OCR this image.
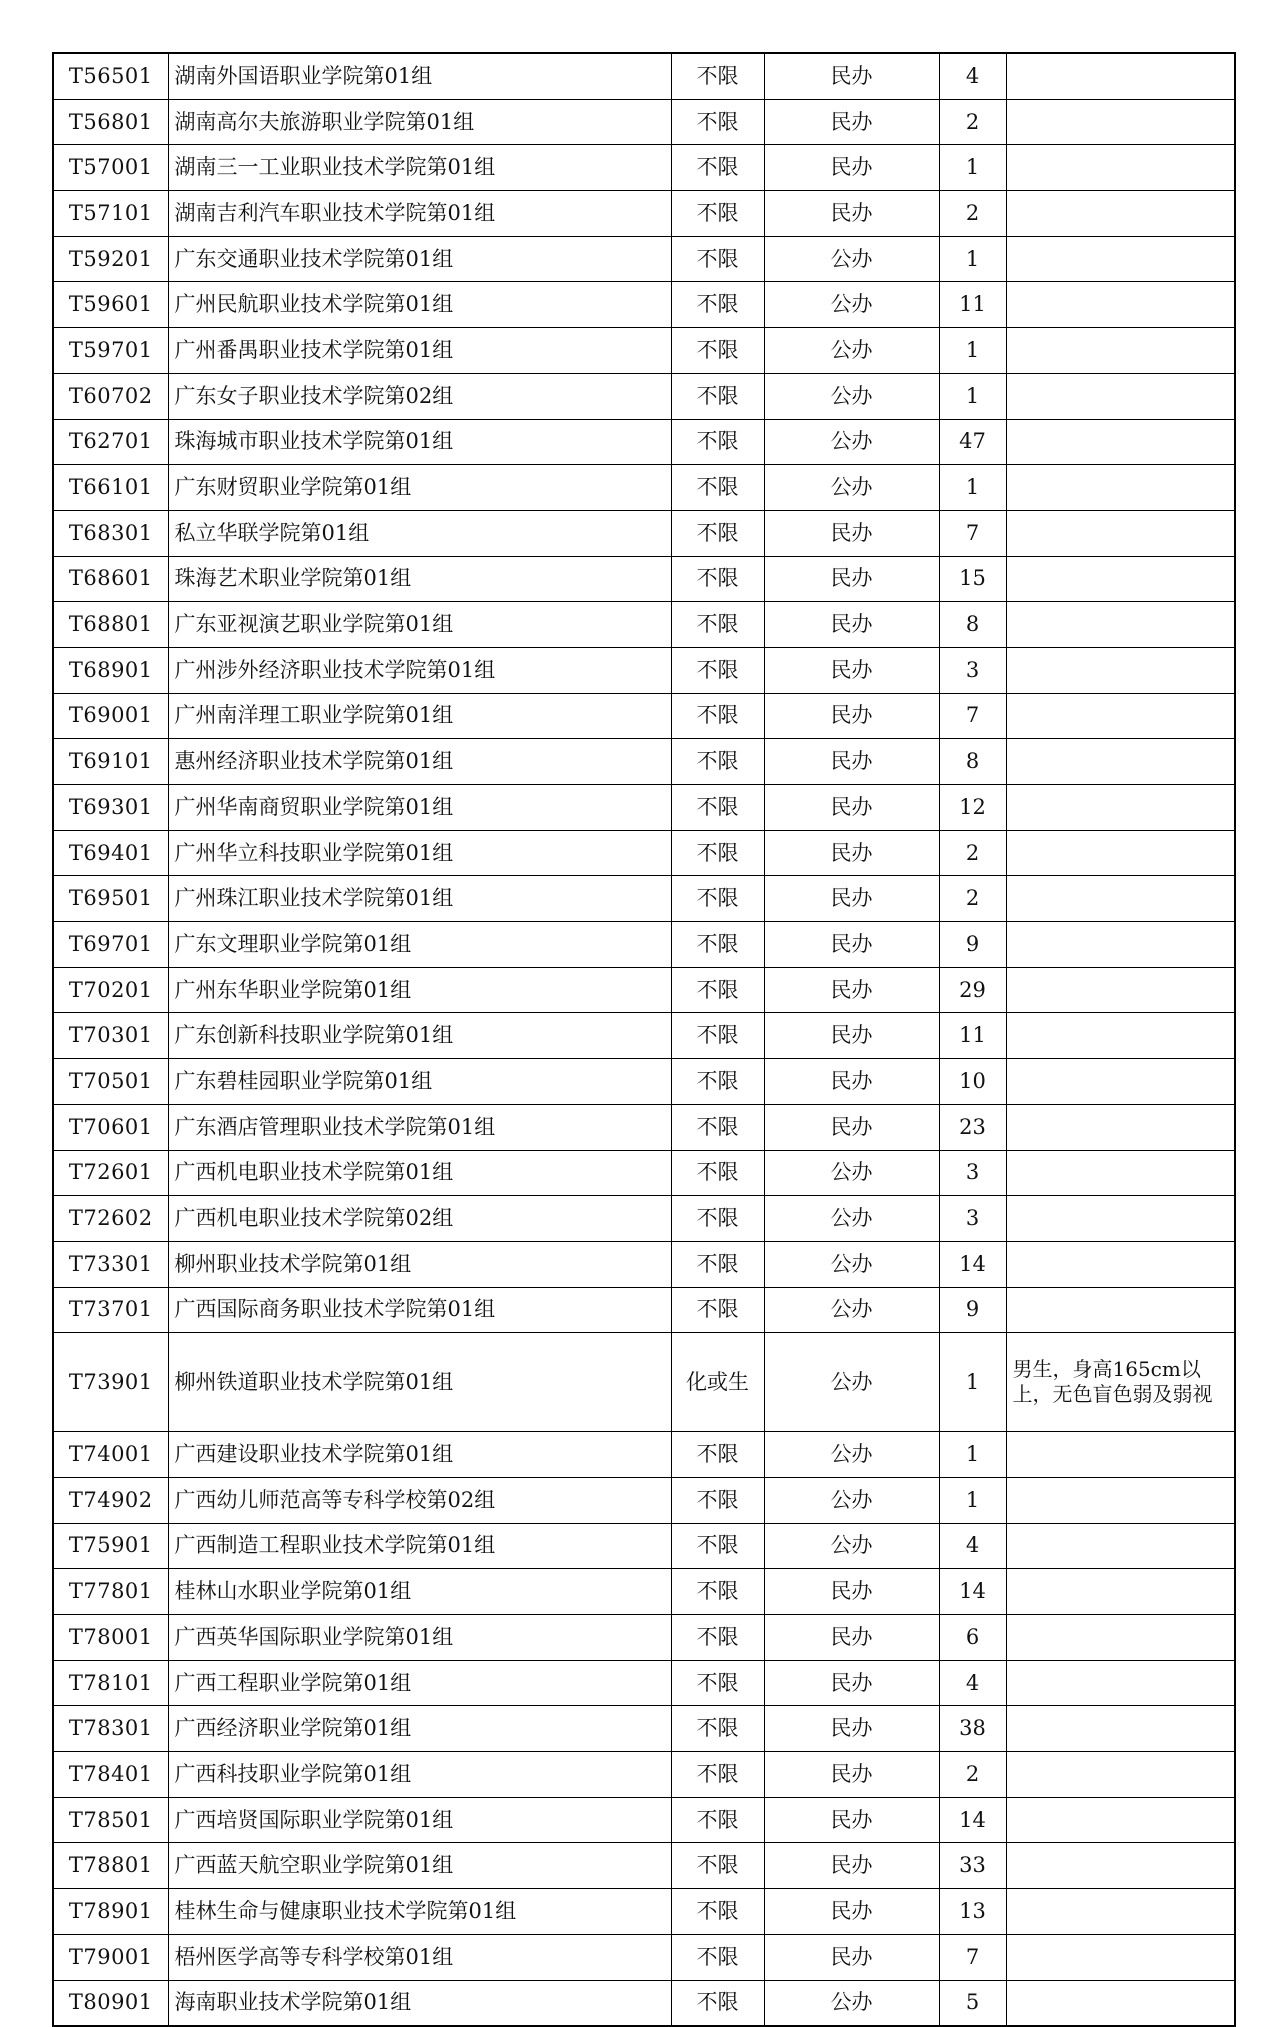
T56501	湖南外国语职业学院第01组	不限	民办	4	
T56801	湖南高尔夫旅游职业学院第01组	不限	民办	2	
T57001	湖南三一工业职业技术学院第01组	不限	民办	1	
T57101	湖南吉利汽车职业技术学院第01组	不限	民办	2	
T59201	广东交通职业技术学院第01组	不限	公办	1	
T59601	广州民航职业技术学院第01组	不限	公办	11	
T59701	广州番禺职业技术学院第01组	不限	公办	1	
T60702	广东女子职业技术学院第02组	不限	公办	1	
T62701	珠海城市职业技术学院第01组	不限	公办	47	
T66101	广东财贸职业学院第01组	不限	公办	1	
T68301	私立华联学院第01组	不限	民办	7	
T68601	珠海艺术职业学院第01组	不限	民办	15	
T68801	广东亚视演艺职业学院第01组	不限	民办	8	
T68901	广州涉外经济职业技术学院第01组	不限	民办	3	
T69001	广州南洋理工职业学院第01组	不限	民办	7	
T69101	惠州经济职业技术学院第01组	不限	民办	8	
T69301	广州华南商贸职业学院第01组	不限	民办	12	
T69401	广州华立科技职业学院第01组	不限	民办	2	
T69501	广州珠江职业技术学院第01组	不限	民办	2	
T69701	广东文理职业学院第01组	不限	民办	9	
T70201	广州东华职业学院第01组	不限	民办	29	
T70301	广东创新科技职业学院第01组	不限	民办	11	
T70501	广东碧桂园职业学院第01组	不限	民办	10	
T70601	广东酒店管理职业技术学院第01组	不限	民办	23	
T72601	广西机电职业技术学院第01组	不限	公办	3	
T72602	广西机电职业技术学院第02组	不限	公办	3	
T73301	柳州职业技术学院第01组	不限	公办	14	
T73701	广西国际商务职业技术学院第01组	不限	公办	9	
T73901	柳州铁道职业技术学院第01组	化或生	公办	1	男生，身高165cm以上，无色盲色弱及弱视
T74001	广西建设职业技术学院第01组	不限	公办	1	
T74902	广西幼儿师范高等专科学校第02组	不限	公办	1	
T75901	广西制造工程职业技术学院第01组	不限	公办	4	
T77801	桂林山水职业学院第01组	不限	民办	14	
T78001	广西英华国际职业学院第01组	不限	民办	6	
T78101	广西工程职业学院第01组	不限	民办	4	
T78301	广西经济职业学院第01组	不限	民办	38	
T78401	广西科技职业学院第01组	不限	民办	2	
T78501	广西培贤国际职业学院第01组	不限	民办	14	
T78801	广西蓝天航空职业学院第01组	不限	民办	33	
T78901	桂林生命与健康职业技术学院第01组	不限	民办	13	
T79001	梧州医学高等专科学校第01组	不限	民办	7	
T80901	海南职业技术学院第01组	不限	公办	5	
